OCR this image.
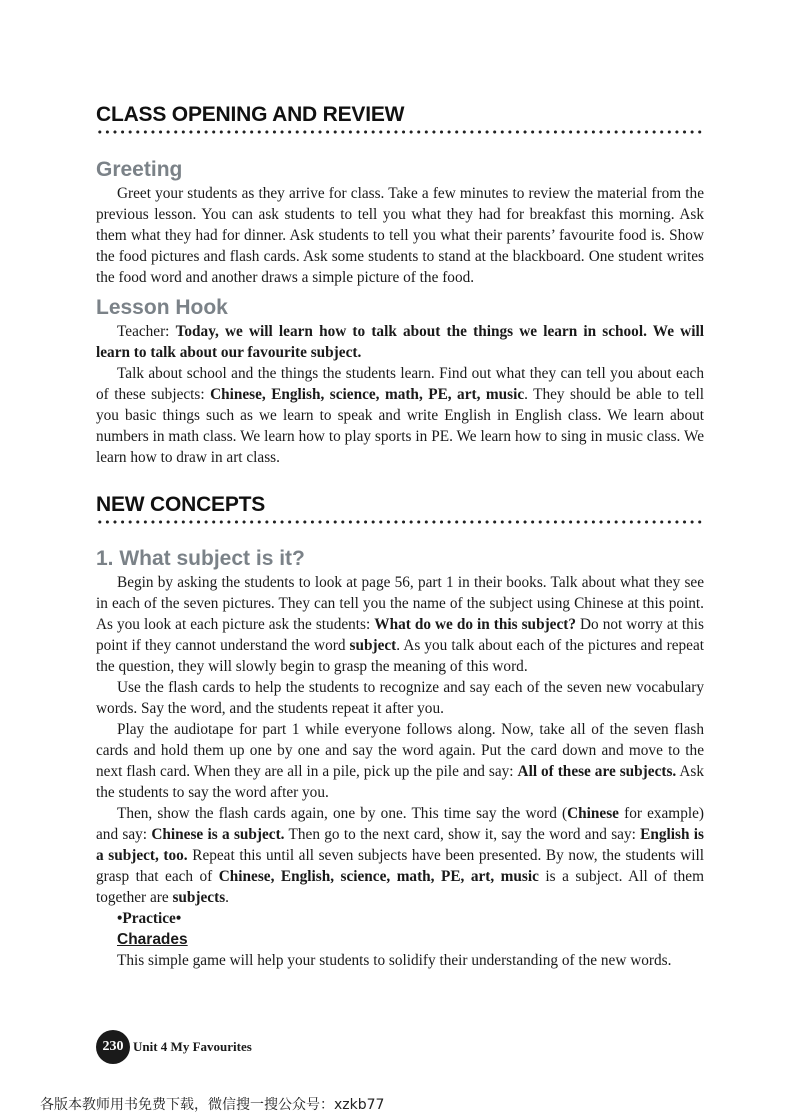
CLASS OPENING AND REVIEW
Greeting

Greet your students as they arrive for class. Take a few minutes to review the material from the previous lesson. You can ask students to tell you what they had for breakfast this morning. Ask them what they had for dinner. Ask students to tell you what their parents’ favourite food is. Show the food pictures and flash cards. Ask some students to stand at the blackboard. One student writes the food word and another draws a simple picture of the food.

Lesson Hook

Teacher: Today, we will learn how to talk about the things we learn in school. We will learn to talk about our favourite subject.

Talk about school and the things the students learn. Find out what they can tell you about each of these subjects: Chinese, English, science, math, PE, art, music. They should be able to tell you basic things such as we learn to speak and write English in English class. We learn about numbers in math class. We learn how to play sports in PE. We learn how to sing in music class. We learn how to draw in art class.

NEW CONCEPTS
1. What subject is it?

Begin by asking the students to look at page 56, part 1 in their books. Talk about what they see in each of the seven pictures. They can tell you the name of the subject using Chinese at this point. As you look at each picture ask the students: What do we do in this subject? Do not worry at this point if they cannot understand the word subject. As you talk about each of the pictures and repeat the question, they will slowly begin to grasp the meaning of this word.

Use the flash cards to help the students to recognize and say each of the seven new vocabulary words. Say the word, and the students repeat it after you.

Play the audiotape for part 1 while everyone follows along. Now, take all of the seven flash cards and hold them up one by one and say the word again. Put the card down and move to the next flash card. When they are all in a pile, pick up the pile and say: All of these are subjects. Ask the students to say the word after you.

Then, show the flash cards again, one by one. This time say the word (Chinese for example) and say: Chinese is a subject. Then go to the next card, show it, say the word and say: English is a subject, too. Repeat this until all seven subjects have been presented. By now, the students will grasp that each of Chinese, English, science, math, PE, art, music is a subject. All of them together are subjects.

•Practice•
Charades

This simple game will help your students to solidify their understanding of the new words.

230 Unit 4 My Favourites
各版本教师用书免费下载，微信搜一搜公众号：xzkb77
